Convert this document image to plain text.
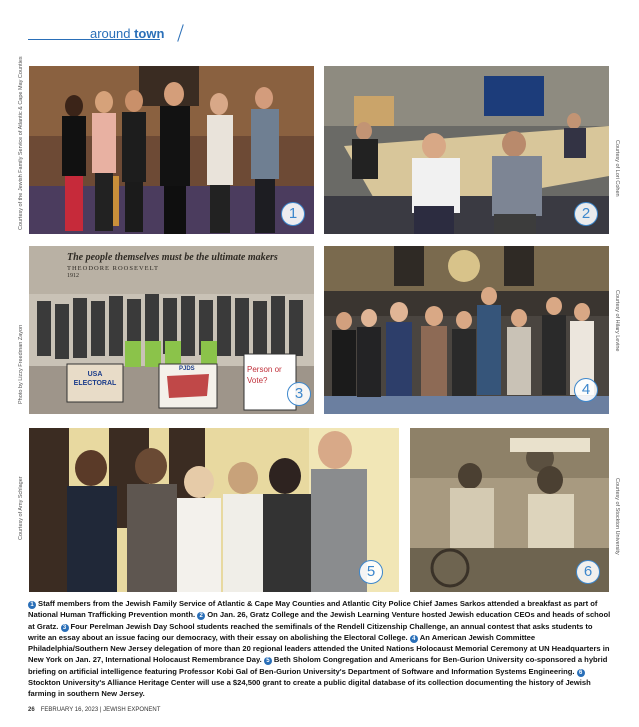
around town
1
Courtesy of the Jewish Family Service of Atlantic & Cape May Counties	2
Courtesy of Lori Cohen
The people themselves must be the ultimate makers
THEODORE ROOSEVELT
1912
USA ELECTORAL
PJDS	Person or Vote?
3
Photo by Lizzy Freedman Zayon	4
Courtesy of Hilary Levine
5
Courtesy of Amy Schlager
6
Courtesy of Stockton University
1 Staff members from the Jewish Family Service of Atlantic & Cape May Counties and Atlantic City Police Chief James Sarkos attended a breakfast as part of National Human Trafficking Prevention month. 2 On Jan. 26, Gratz College and the Jewish Learning Venture hosted Jewish education CEOs and heads of school at Gratz. 3 Four Perelman Jewish Day School students reached the semifinals of the Rendell Citizenship Challenge, an annual contest that asks students to write an essay about an issue facing our democracy, with their essay on abolishing the Electoral College. 4 An American Jewish Committee Philadelphia/Southern New Jersey delegation of more than 20 regional leaders attended the United Nations Holocaust Memorial Ceremony at UN Headquarters in New York on Jan. 27, International Holocaust Remembrance Day. 5 Beth Sholom Congregation and Americans for Ben-Gurion University co-sponsored a hybrid briefing on artificial intelligence featuring Professor Kobi Gal of Ben-Gurion University's Department of Software and Information Systems Engineering. 6Stockton University's Alliance Heritage Center will use a $24,500 grant to create a public digital database of its collection documenting the history of Jewish farming in southern New Jersey.
26 FEBRUARY 16, 2023 | JEWISH EXPONENT
